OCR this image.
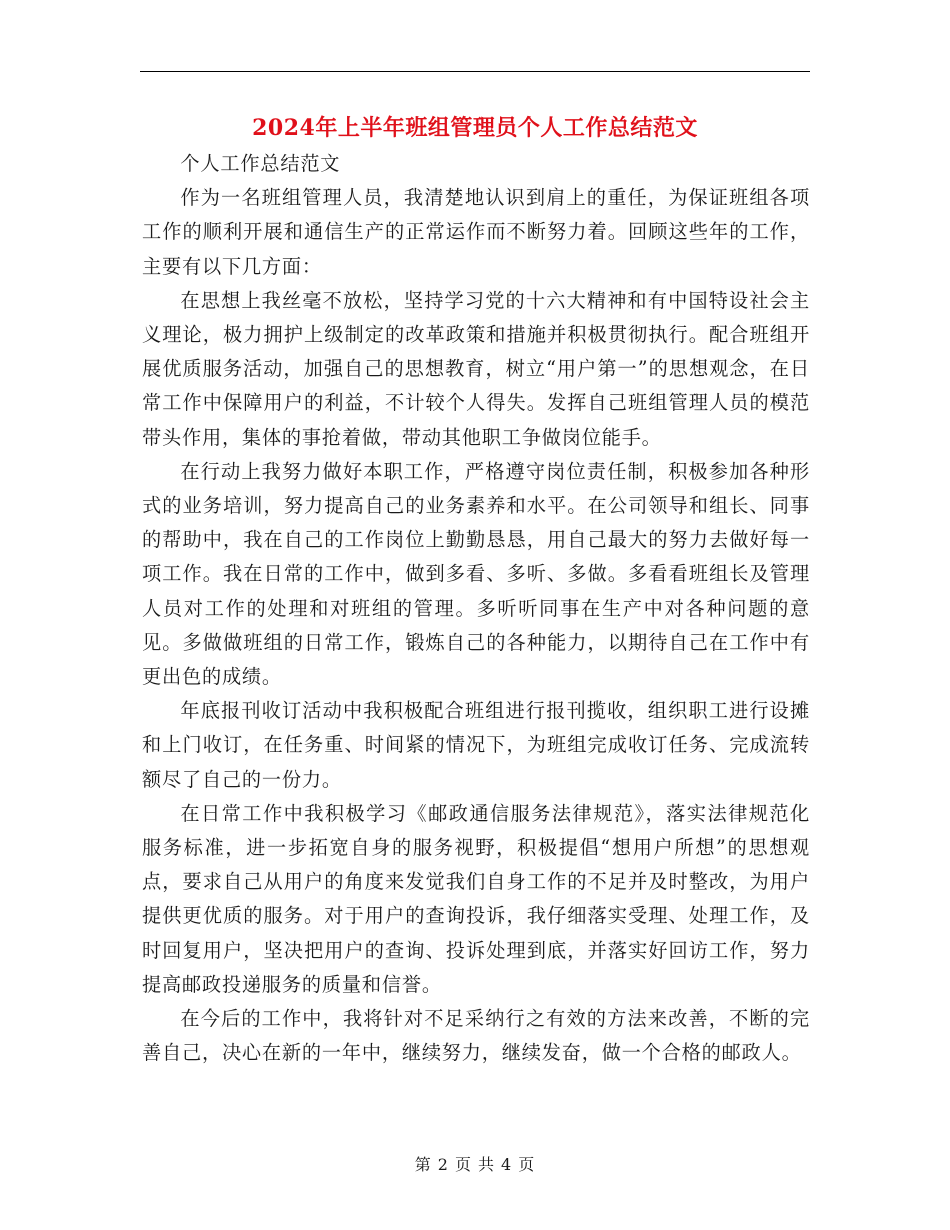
2024年上半年班组管理员个人工作总结范文

个人工作总结范文

作为一名班组管理人员，我清楚地认识到肩上的重任，为保证班组各项工作的顺利开展和通信生产的正常运作而不断努力着。回顾这些年的工作，主要有以下几方面：

在思想上我丝毫不放松，坚持学习党的十六大精神和有中国特设社会主义理论，极力拥护上级制定的改革政策和措施并积极贯彻执行。配合班组开展优质服务活动，加强自己的思想教育，树立“用户第一”的思想观念，在日常工作中保障用户的利益，不计较个人得失。发挥自己班组管理人员的模范带头作用，集体的事抢着做，带动其他职工争做岗位能手。

在行动上我努力做好本职工作，严格遵守岗位责任制，积极参加各种形式的业务培训，努力提高自己的业务素养和水平。在公司领导和组长、同事的帮助中，我在自己的工作岗位上勤勤恳恳，用自己最大的努力去做好每一项工作。我在日常的工作中，做到多看、多听、多做。多看看班组长及管理人员对工作的处理和对班组的管理。多听听同事在生产中对各种问题的意见。多做做班组的日常工作，锻炼自己的各种能力，以期待自己在工作中有更出色的成绩。

年底报刊收订活动中我积极配合班组进行报刊揽收，组织职工进行设摊和上门收订，在任务重、时间紧的情况下，为班组完成收订任务、完成流转额尽了自己的一份力。

在日常工作中我积极学习《邮政通信服务法律规范》，落实法律规范化服务标准，进一步拓宽自身的服务视野，积极提倡“想用户所想”的思想观点，要求自己从用户的角度来发觉我们自身工作的不足并及时整改，为用户提供更优质的服务。对于用户的查询投诉，我仔细落实受理、处理工作，及时回复用户，坚决把用户的查询、投诉处理到底，并落实好回访工作，努力提高邮政投递服务的质量和信誉。

在今后的工作中，我将针对不足采纳行之有效的方法来改善，不断的完善自己，决心在新的一年中，继续努力，继续发奋，做一个合格的邮政人。

第 2 页 共 4 页
